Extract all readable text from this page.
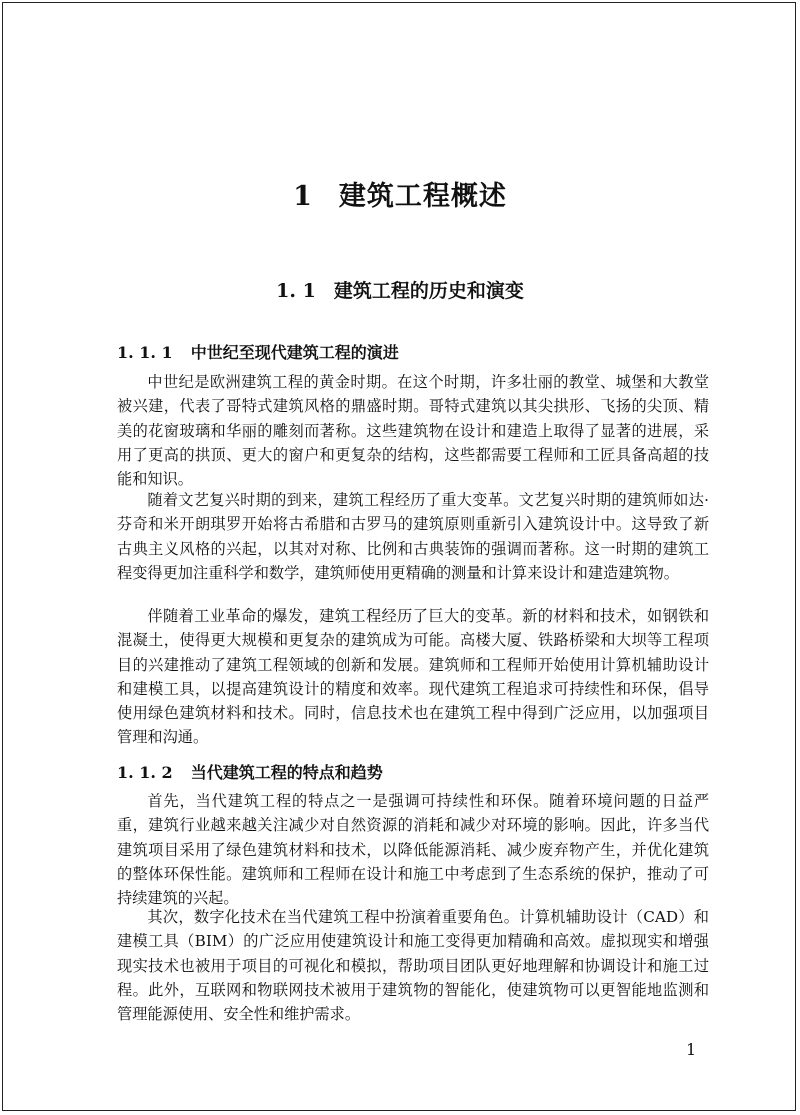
1 建筑工程概述
1. 1 建筑工程的历史和演变
1. 1. 1 中世纪至现代建筑工程的演进

中世纪是欧洲建筑工程的黄金时期。在这个时期，许多壮丽的教堂、城堡和大教堂被兴建，代表了哥特式建筑风格的鼎盛时期。哥特式建筑以其尖拱形、飞扬的尖顶、精美的花窗玻璃和华丽的雕刻而著称。这些建筑物在设计和建造上取得了显著的进展，采用了更高的拱顶、更大的窗户和更复杂的结构，这些都需要工程师和工匠具备高超的技能和知识。

随着文艺复兴时期的到来，建筑工程经历了重大变革。文艺复兴时期的建筑师如达·芬奇和米开朗琪罗开始将古希腊和古罗马的建筑原则重新引入建筑设计中。这导致了新古典主义风格的兴起，以其对对称、比例和古典装饰的强调而著称。这一时期的建筑工程变得更加注重科学和数学，建筑师使用更精确的测量和计算来设计和建造建筑物。

伴随着工业革命的爆发，建筑工程经历了巨大的变革。新的材料和技术，如钢铁和混凝土，使得更大规模和更复杂的建筑成为可能。高楼大厦、铁路桥梁和大坝等工程项目的兴建推动了建筑工程领域的创新和发展。建筑师和工程师开始使用计算机辅助设计和建模工具，以提高建筑设计的精度和效率。现代建筑工程追求可持续性和环保，倡导使用绿色建筑材料和技术。同时，信息技术也在建筑工程中得到广泛应用，以加强项目管理和沟通。

1. 1. 2 当代建筑工程的特点和趋势

首先，当代建筑工程的特点之一是强调可持续性和环保。随着环境问题的日益严重，建筑行业越来越关注减少对自然资源的消耗和减少对环境的影响。因此，许多当代建筑项目采用了绿色建筑材料和技术，以降低能源消耗、减少废弃物产生，并优化建筑的整体环保性能。建筑师和工程师在设计和施工中考虑到了生态系统的保护，推动了可持续建筑的兴起。

其次，数字化技术在当代建筑工程中扮演着重要角色。计算机辅助设计（CAD）和建模工具（BIM）的广泛应用使建筑设计和施工变得更加精确和高效。虚拟现实和增强现实技术也被用于项目的可视化和模拟，帮助项目团队更好地理解和协调设计和施工过程。此外，互联网和物联网技术被用于建筑物的智能化，使建筑物可以更智能地监测和管理能源使用、安全性和维护需求。

1
